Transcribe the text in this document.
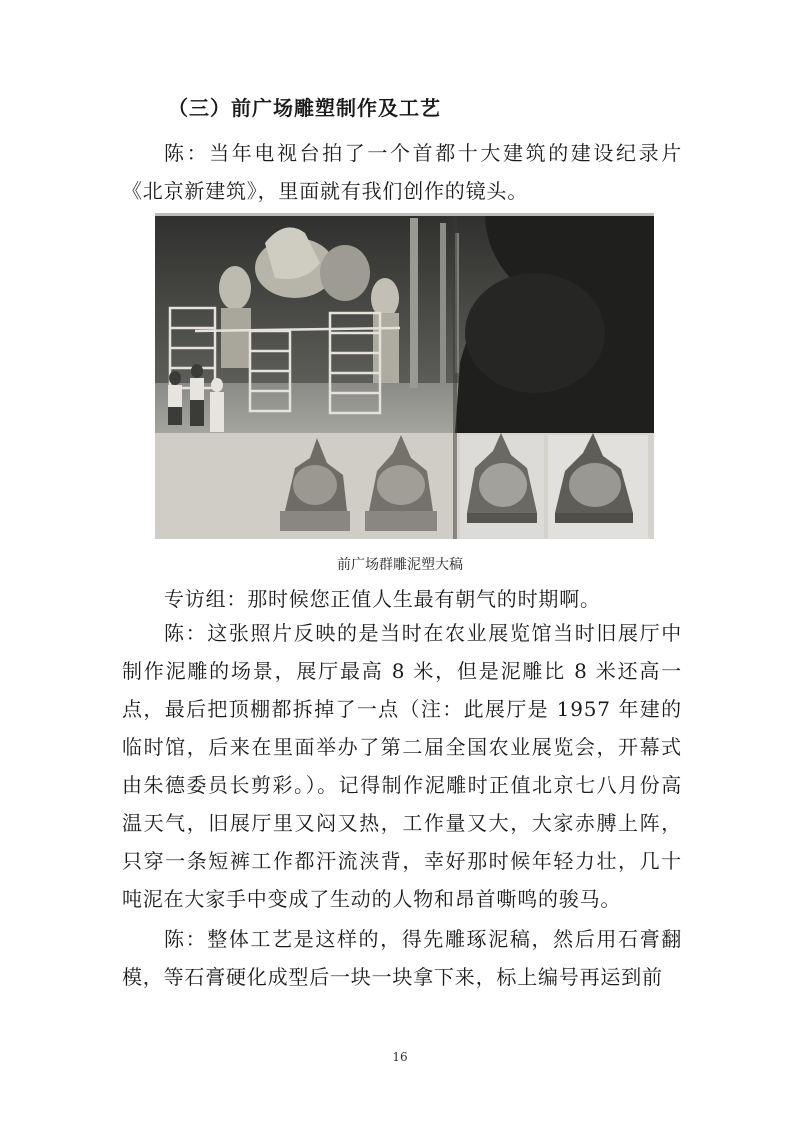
（三）前广场雕塑制作及工艺

陈：当年电视台拍了一个首都十大建筑的建设纪录片《北京新建筑》，里面就有我们创作的镜头。

前广场群雕泥塑大稿

专访组：那时候您正值人生最有朝气的时期啊。

陈：这张照片反映的是当时在农业展览馆当时旧展厅中制作泥雕的场景，展厅最高 8 米，但是泥雕比 8 米还高一点，最后把顶棚都拆掉了一点（注：此展厅是 1957 年建的临时馆，后来在里面举办了第二届全国农业展览会，开幕式由朱德委员长剪彩。）。记得制作泥雕时正值北京七八月份高温天气，旧展厅里又闷又热，工作量又大，大家赤膊上阵，只穿一条短裤工作都汗流浃背，幸好那时候年轻力壮，几十吨泥在大家手中变成了生动的人物和昂首嘶鸣的骏马。

陈：整体工艺是这样的，得先雕琢泥稿，然后用石膏翻模，等石膏硬化成型后一块一块拿下来，标上编号再运到前

16
